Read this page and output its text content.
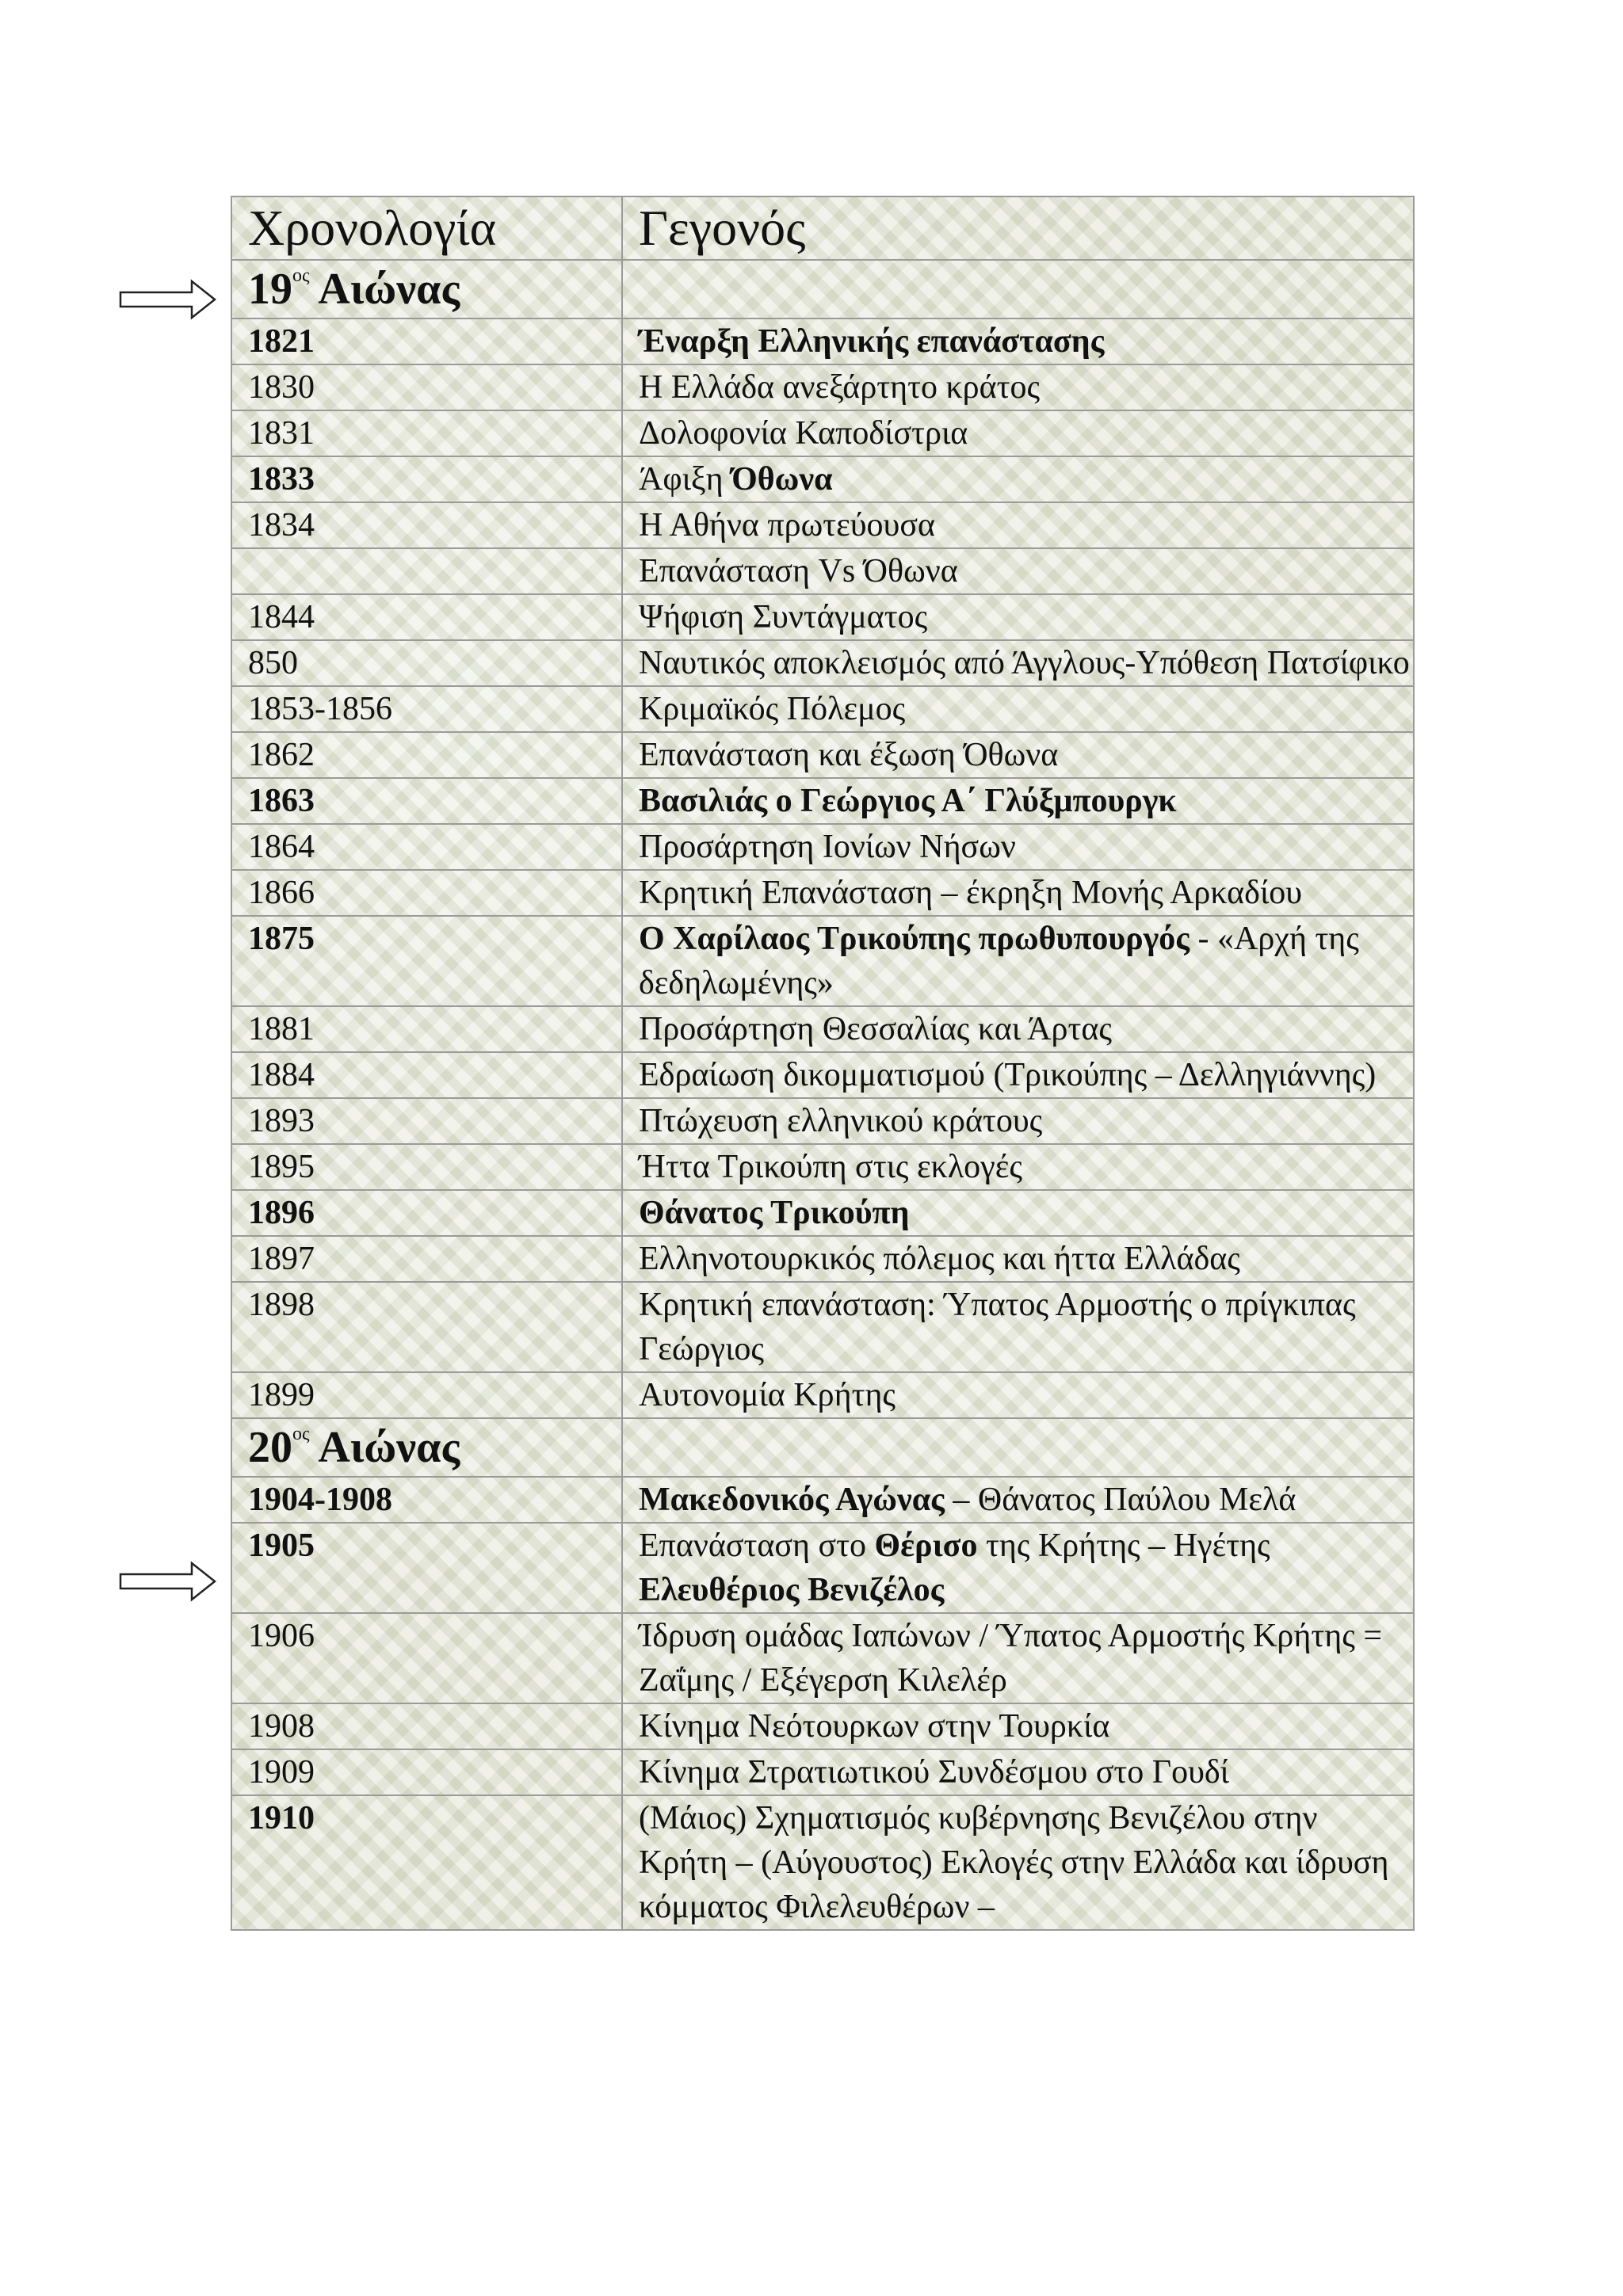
Χρονολογία	Γεγονός
$19^{o\varsigma}$ Αιώνας	
1821	Έναρξη Ελληνικής επανάστασης
1830	Η Ελλάδα ανεξάρτητο κράτος
1831	Δολοφονία Καποδίστρια
1833	Άφιξη Όθωνα
1834	Η Αθήνα πρωτεύουσα
	Επανάσταση Vs Όθωνα
1844	Ψήφιση Συντάγματος
850	Ναυτικός αποκλεισμός από Άγγλους-Υπόθεση Πατσίφικο
1853-1856	Κριμαϊκός Πόλεμος
1862	Επανάσταση και έξωση Όθωνα
1863	Βασιλιάς ο Γεώργιος Α΄ Γλύξμπουργκ
1864	Προσάρτηση Ιονίων Νήσων
1866	Κρητική Επανάσταση – έκρηξη Μονής Αρκαδίου
1875	Ο Χαρίλαος Τρικούπης πρωθυπουργός - «Αρχή της δεδηλωμένης»
1881	Προσάρτηση Θεσσαλίας και Άρτας
1884	Εδραίωση δικομματισμού (Τρικούπης – Δελληγιάννης)
1893	Πτώχευση ελληνικού κράτους
1895	Ήττα Τρικούπη στις εκλογές
1896	Θάνατος Τρικούπη
1897	Ελληνοτουρκικός πόλεμος και ήττα Ελλάδας
1898	Κρητική επανάσταση: Ύπατος Αρμοστής ο πρίγκιπας Γεώργιος
1899	Αυτονομία Κρήτης
$20^{o\varsigma}$ Αιώνας	
1904-1908	Μακεδονικός Αγώνας – Θάνατος Παύλου Μελά
1905	Επανάσταση στο Θέρισο της Κρήτης – Ηγέτης Ελευθέριος Βενιζέλος
1906	Ίδρυση ομάδας Ιαπώνων / Ύπατος Αρμοστής Κρήτης = Ζαΐμης / Εξέγερση Κιλελέρ
1908	Κίνημα Νεότουρκων στην Τουρκία
1909	Κίνημα Στρατιωτικού Συνδέσμου στο Γουδί
1910	(Μάιος) Σχηματισμός κυβέρνησης Βενιζέλου στην Κρήτη – (Αύγουστος) Εκλογές στην Ελλάδα και ίδρυση κόμματος Φιλελευθέρων –
